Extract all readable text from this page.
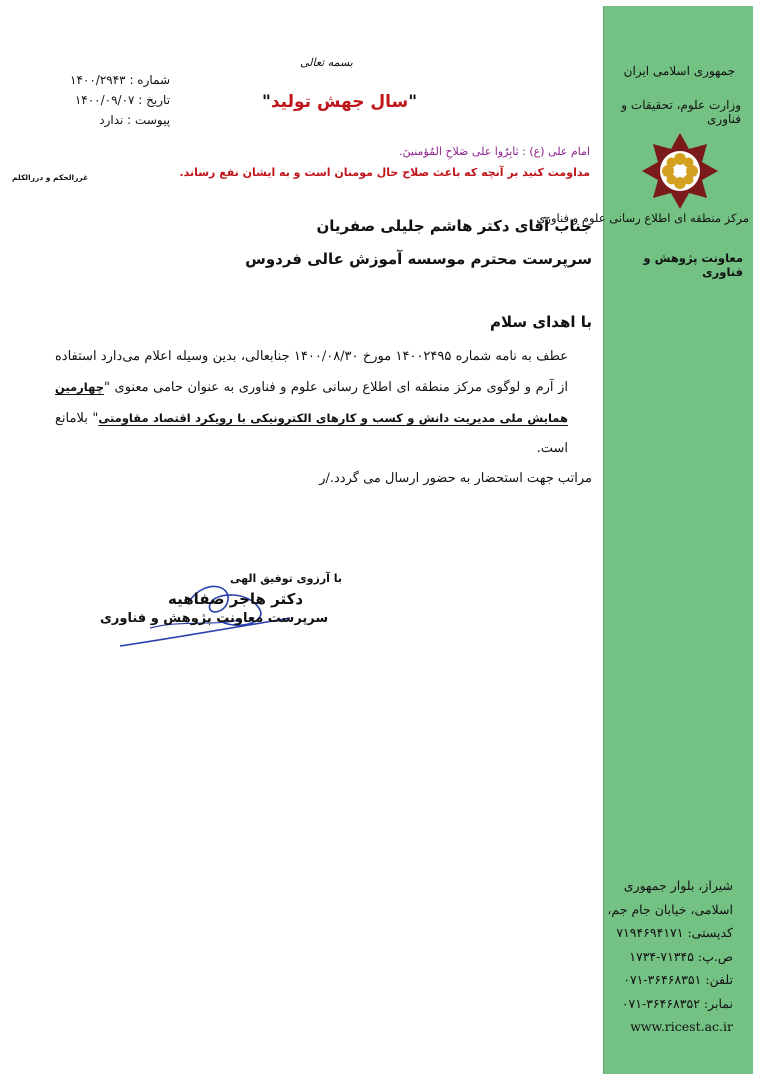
جمهوری اسلامی ایران
وزارت علوم، تحقیقات و فناوری
مرکز منطقه ای اطلاع رسانی علوم و فناوری
معاونت پژوهش و فناوری
شیراز، بلوار جمهوری
اسلامی، خیابان جام جم،
کدپستی: ۷۱۹۴۶۹۴۱۷۱
ص.پ: ۷۱۳۴۵-۱۷۳۴
تلفن: ۳۶۴۶۸۳۵۱-۰۷۱
نمابر: ۳۶۴۶۸۳۵۲-۰۷۱
www.ricest.ac.ir
شماره : ۱۴۰۰/۲۹۴۳
تاریخ : ۱۴۰۰/۰۹/۰۷
پیوست : ندارد
بسمه تعالی
"سال جهش تولید"
امام علی (ع) : ثابِرُوا علی صَلاحِ المُؤمنینَ.
مداومت کنید بر آنچه که باعث صلاح حال مومنان است و به ایشان نفع رساند.
غررالحکم و دررالکلم
جناب آقای دکتر هاشم جلیلی صفریان
سرپرست محترم موسسه آموزش عالی فردوس
با اهدای سلام

عطف به نامه شماره ۱۴۰۰۲۴۹۵ مورخ ۱۴۰۰/۰۸/۳۰ جنابعالی، بدین وسیله اعلام می‌دارد استفاده از آرم و لوگوی مرکز منطقه ای اطلاع رسانی علوم و فناوری به عنوان حامی معنوی "چهارمین همایش ملی مدیریت دانش و کسب و کارهای الکترونیکی با رویکرد اقتصاد مقاومتی" بلامانع است.

مراتب جهت استحضار به حضور ارسال می گردد./ر

با آرزوی توفیق الهی
دکتر هاجر صفاهیه
سرپرست معاونت پژوهش و فناوری
